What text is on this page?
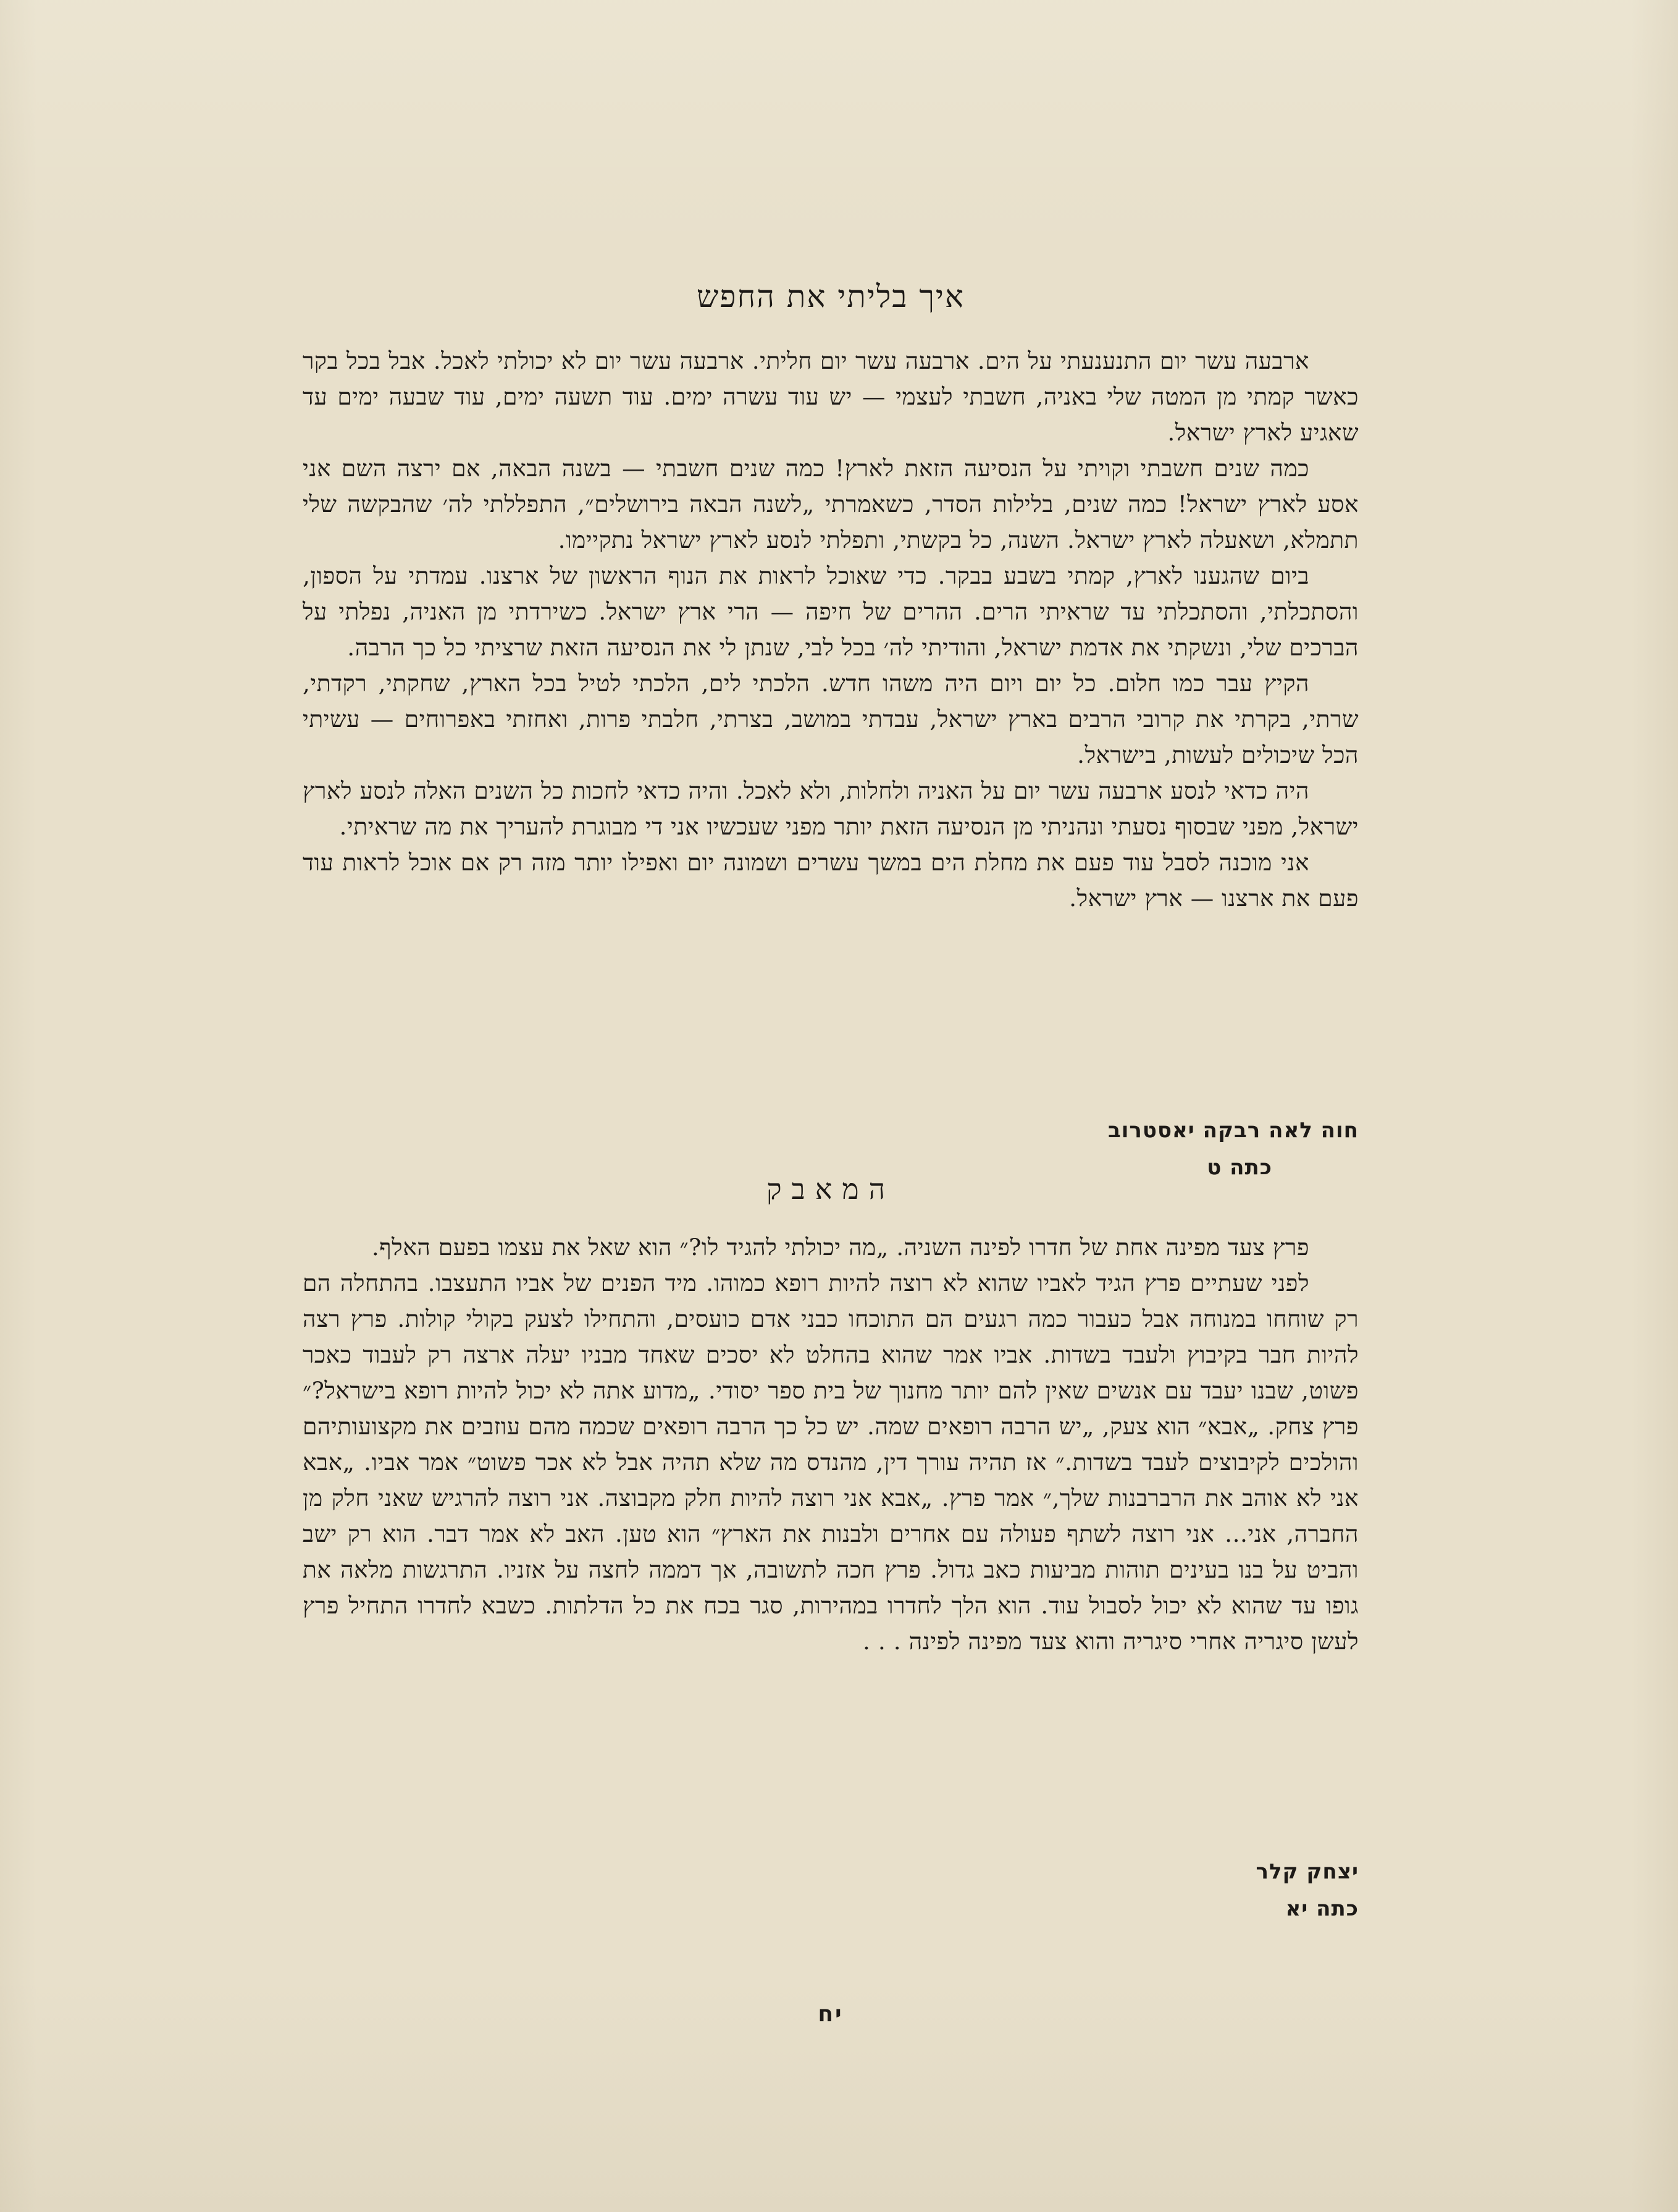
איך בליתי את החפש

ארבעה עשר יום התנענעתי על הים. ארבעה עשר יום חליתי. ארבעה עשר יום לא יכולתי לאכל. אבל בכל בקר כאשר קמתי מן המטה שלי באניה, חשבתי לעצמי — יש עוד עשרה ימים. עוד תשעה ימים, עוד שבעה ימים עד שאגיע לארץ ישראל.

כמה שנים חשבתי וקויתי על הנסיעה הזאת לארץ! כמה שנים חשבתי — בשנה הבאה, אם ירצה השם אני אסע לארץ ישראל! כמה שנים, בלילות הסדר, כשאמרתי „לשנה הבאה בירושלים״, התפללתי לה׳ שהבקשה שלי תתמלא, ושאעלה לארץ ישראל. השנה, כל בקשתי, ותפלתי לנסע לארץ ישראל נתקיימו.

ביום שהגענו לארץ, קמתי בשבע בבקר. כדי שאוכל לראות את הנוף הראשון של ארצנו. עמדתי על הספון, והסתכלתי, והסתכלתי עד שראיתי הרים. ההרים של חיפה — הרי ארץ ישראל. כשירדתי מן האניה, נפלתי על הברכים שלי, ונשקתי את אדמת ישראל, והודיתי לה׳ בכל לבי, שנתן לי את הנסיעה הזאת שרציתי כל כך הרבה.

הקיץ עבר כמו חלום. כל יום ויום היה משהו חדש. הלכתי לים, הלכתי לטיל בכל הארץ, שחקתי, רקדתי, שרתי, בקרתי את קרובי הרבים בארץ ישראל, עבדתי במושב, בצרתי, חלבתי פרות, ואחזתי באפרוחים — עשיתי הכל שיכולים לעשות, בישראל.

היה כדאי לנסע ארבעה עשר יום על האניה ולחלות, ולא לאכל. והיה כדאי לחכות כל השנים האלה לנסע לארץ ישראל, מפני שבסוף נסעתי ונהניתי מן הנסיעה הזאת יותר מפני שעכשיו אני די מבוגרת להעריך את מה שראיתי.

אני מוכנה לסבל עוד פעם את מחלת הים במשך עשרים ושמונה יום ואפילו יותר מזה רק אם אוכל לראות עוד פעם את ארצנו — ארץ ישראל.

חוה לאה רבקה יאסטרוב
כתה ט
המאבק

פרץ צעד מפינה אחת של חדרו לפינה השניה. „מה יכולתי להגיד לו?״ הוא שאל את עצמו בפעם האלף.

לפני שעתיים פרץ הגיד לאביו שהוא לא רוצה להיות רופא כמוהו. מיד הפנים של אביו התעצבו. בהתחלה הם רק שוחחו במנוחה אבל כעבור כמה רגעים הם התוכחו כבני אדם כועסים, והתחילו לצעק בקולי קולות. פרץ רצה להיות חבר בקיבוץ ולעבד בשדות. אביו אמר שהוא בהחלט לא יסכים שאחד מבניו יעלה ארצה רק לעבוד כאכר פשוט, שבנו יעבד עם אנשים שאין להם יותר מחנוך של בית ספר יסודי. „מדוע אתה לא יכול להיות רופא בישראל?״ פרץ צחק. „אבא״ הוא צעק, „יש הרבה רופאים שמה. יש כל כך הרבה רופאים שכמה מהם עוזבים את מקצועותיהם והולכים לקיבוצים לעבד בשדות.״ אז תהיה עורך דין, מהנדס מה שלא תהיה אבל לא אכר פשוט״ אמר אביו. „אבא אני לא אוהב את הרברבנות שלך,״ אמר פרץ. „אבא אני רוצה להיות חלק מקבוצה. אני רוצה להרגיש שאני חלק מן החברה, אני... אני רוצה לשתף פעולה עם אחרים ולבנות את הארץ״ הוא טען. האב לא אמר דבר. הוא רק ישב והביט על בנו בעינים תוהות מביעות כאב גדול. פרץ חכה לתשובה, אך דממה לחצה על אזניו. התרגשות מלאה את גופו עד שהוא לא יכול לסבול עוד. הוא הלך לחדרו במהירות, סגר בכח את כל הדלתות. כשבא לחדרו התחיל פרץ לעשן סיגריה אחרי סיגריה והוא צעד מפינה לפינה . . .

יצחק קלר
כתה יא
יח
